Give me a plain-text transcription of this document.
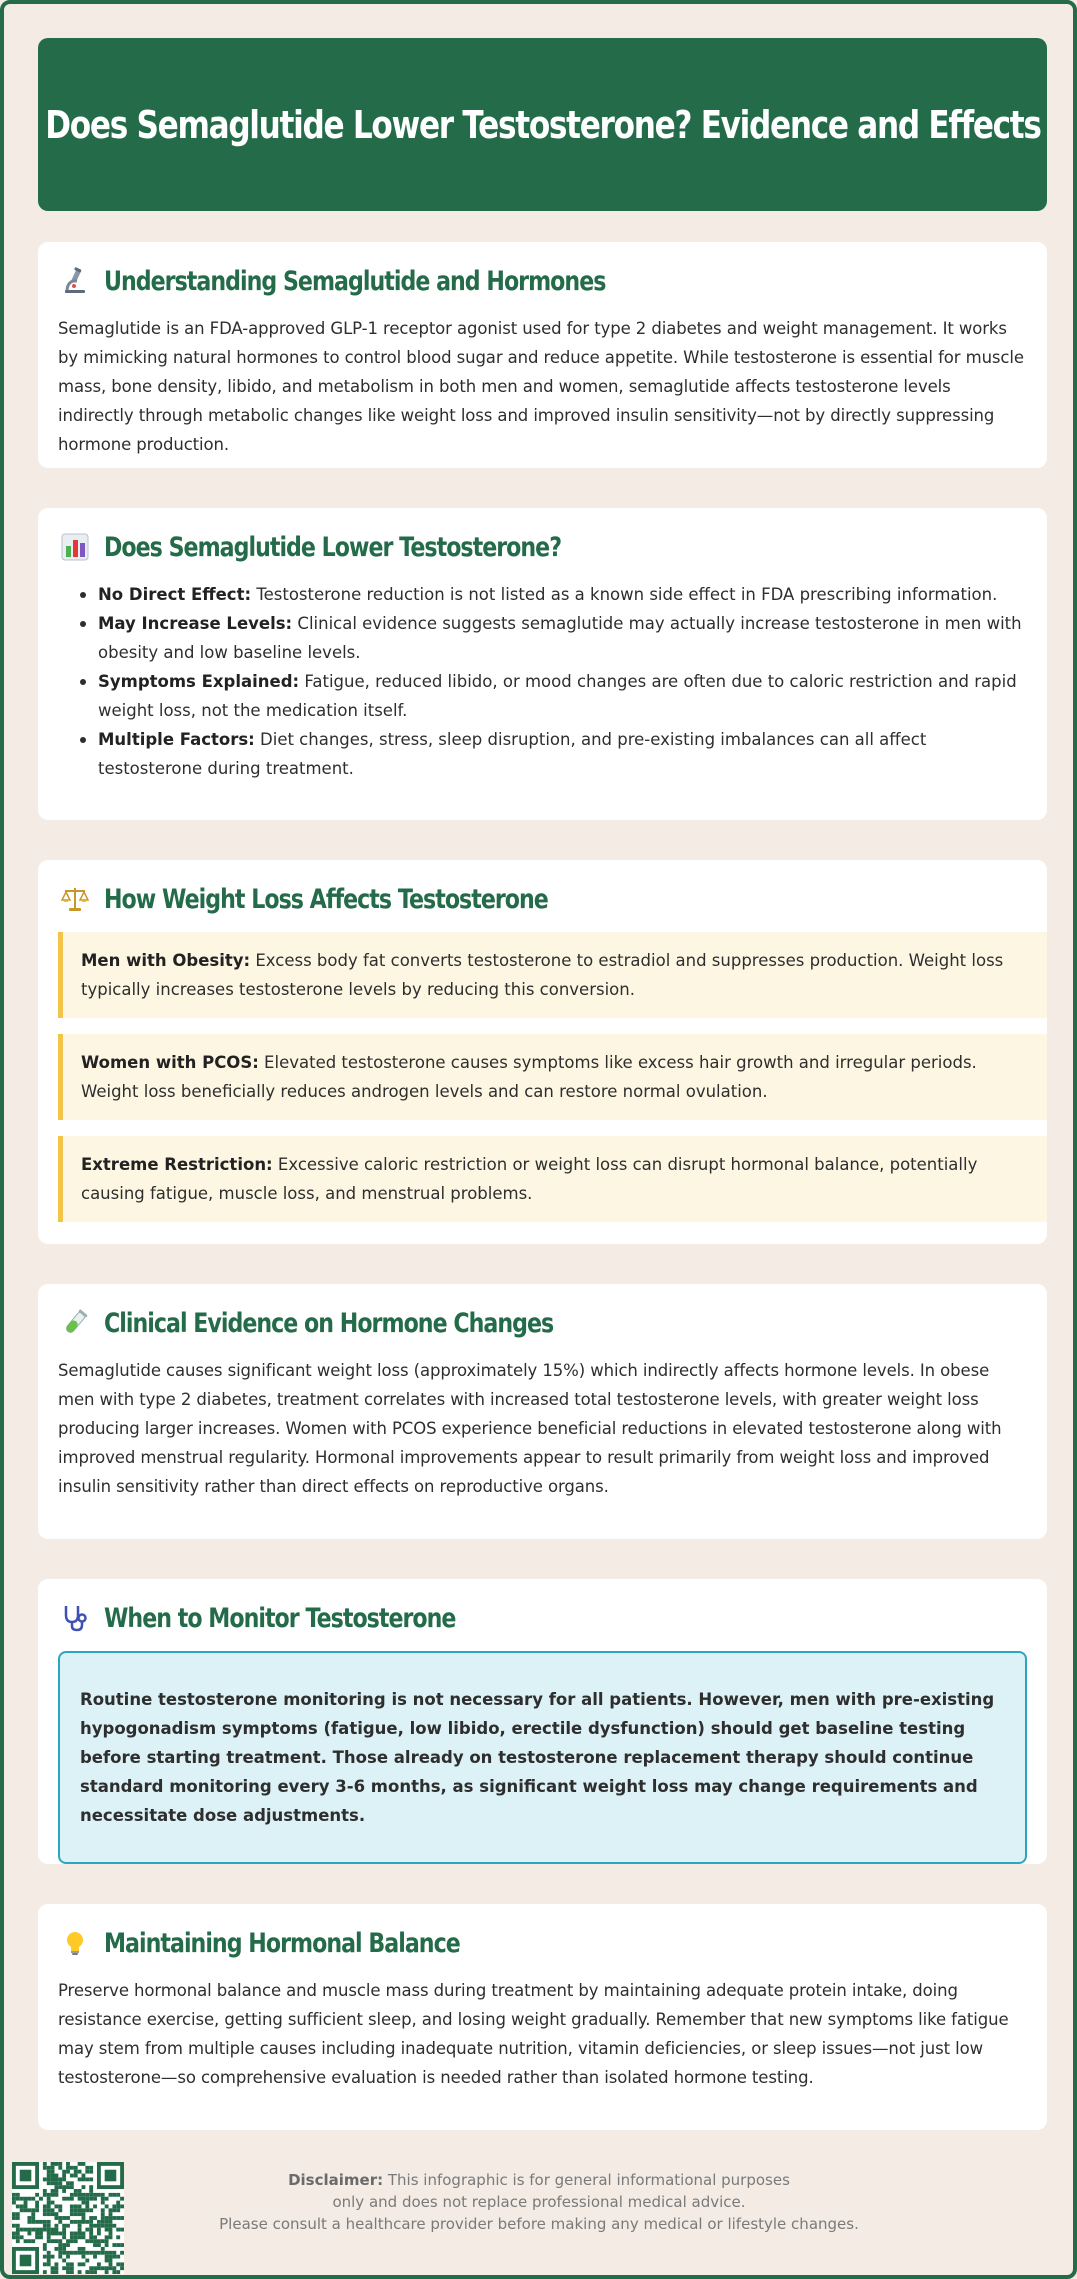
Does Semaglutide Lower Testosterone? Evidence and Effects
Understanding Semaglutide and Hormones

Semaglutide is an FDA-approved GLP-1 receptor agonist used for type 2 diabetes and weight management. It works by mimicking natural hormones to control blood sugar and reduce appetite. While testosterone is essential for muscle mass, bone density, libido, and metabolism in both men and women, semaglutide affects testosterone levels indirectly through metabolic changes like weight loss and improved insulin sensitivity—not by directly suppressing hormone production.

Does Semaglutide Lower Testosterone?
No Direct Effect: Testosterone reduction is not listed as a known side effect in FDA prescribing information.
May Increase Levels: Clinical evidence suggests semaglutide may actually increase testosterone in men with obesity and low baseline levels.
Symptoms Explained: Fatigue, reduced libido, or mood changes are often due to caloric restriction and rapid weight loss, not the medication itself.
Multiple Factors: Diet changes, stress, sleep disruption, and pre-existing imbalances can all affect testosterone during treatment.
How Weight Loss Affects Testosterone
Men with Obesity: Excess body fat converts testosterone to estradiol and suppresses production. Weight loss typically increases testosterone levels by reducing this conversion.
Women with PCOS: Elevated testosterone causes symptoms like excess hair growth and irregular periods. Weight loss beneficially reduces androgen levels and can restore normal ovulation.
Extreme Restriction: Excessive caloric restriction or weight loss can disrupt hormonal balance, potentially causing fatigue, muscle loss, and menstrual problems.
Clinical Evidence on Hormone Changes

Semaglutide causes significant weight loss (approximately 15%) which indirectly affects hormone levels. In obese men with type 2 diabetes, treatment correlates with increased total testosterone levels, with greater weight loss producing larger increases. Women with PCOS experience beneficial reductions in elevated testosterone along with improved menstrual regularity. Hormonal improvements appear to result primarily from weight loss and improved insulin sensitivity rather than direct effects on reproductive organs.

When to Monitor Testosterone
Routine testosterone monitoring is not necessary for all patients. However, men with pre-existing hypogonadism symptoms (fatigue, low libido, erectile dysfunction) should get baseline testing before starting treatment. Those already on testosterone replacement therapy should continue standard monitoring every 3-6 months, as significant weight loss may change requirements and necessitate dose adjustments.
Maintaining Hormonal Balance

Preserve hormonal balance and muscle mass during treatment by maintaining adequate protein intake, doing resistance exercise, getting sufficient sleep, and losing weight gradually. Remember that new symptoms like fatigue may stem from multiple causes including inadequate nutrition, vitamin deficiencies, or sleep issues—not just low testosterone—so comprehensive evaluation is needed rather than isolated hormone testing.

Disclaimer: This infographic is for general informational purposes
only and does not replace professional medical advice.
Please consult a healthcare provider before making any medical or lifestyle changes.
